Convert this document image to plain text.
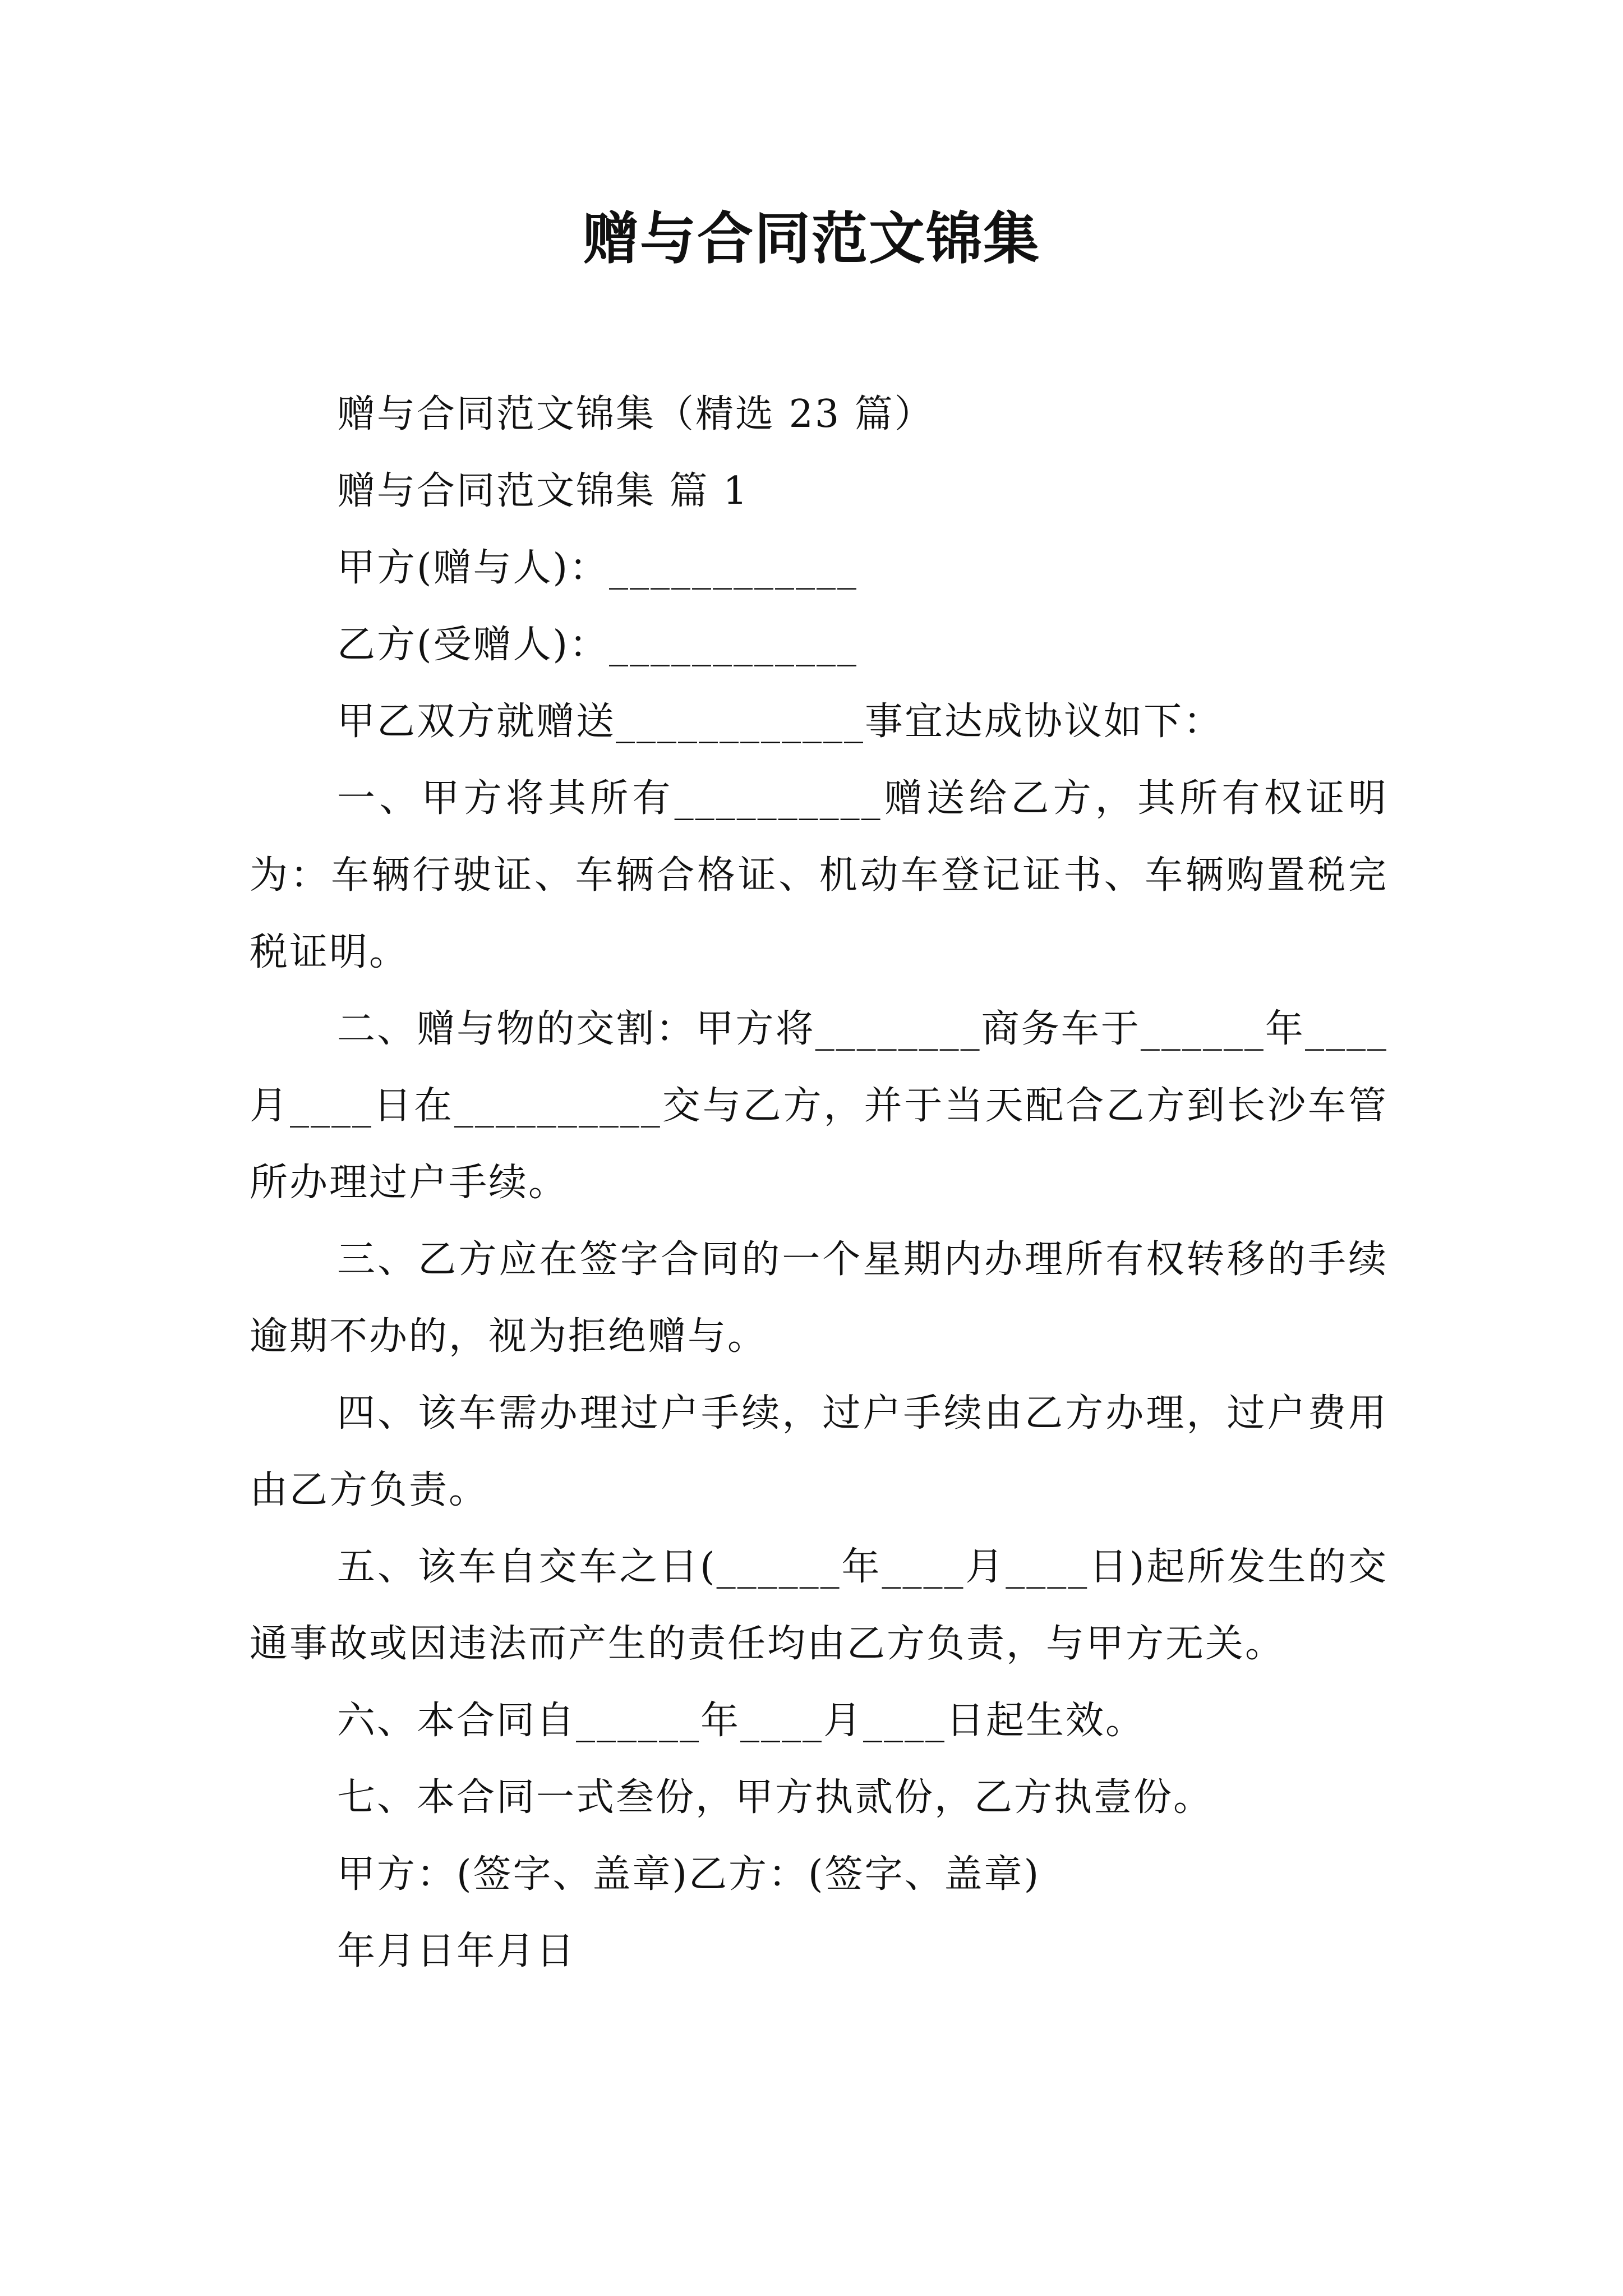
赠与合同范文锦集

赠与合同范文锦集（精选 23 篇）

赠与合同范文锦集 篇 1

甲方(赠与人)：____________

乙方(受赠人)：____________

甲乙双方就赠送____________事宜达成协议如下：

一、甲方将其所有__________赠送给乙方，其所有权证明为：车辆行驶证、车辆合格证、机动车登记证书、车辆购置税完税证明。

二、赠与物的交割：甲方将________商务车于______年____月____日在__________交与乙方，并于当天配合乙方到长沙车管所办理过户手续。

三、乙方应在签字合同的一个星期内办理所有权转移的手续逾期不办的，视为拒绝赠与。

四、该车需办理过户手续，过户手续由乙方办理，过户费用由乙方负责。

五、该车自交车之日(______年____月____日)起所发生的交通事故或因违法而产生的责任均由乙方负责，与甲方无关。

六、本合同自______年____月____日起生效。

七、本合同一式叁份，甲方执贰份，乙方执壹份。

甲方：(签字、盖章)乙方：(签字、盖章)

年月日年月日
